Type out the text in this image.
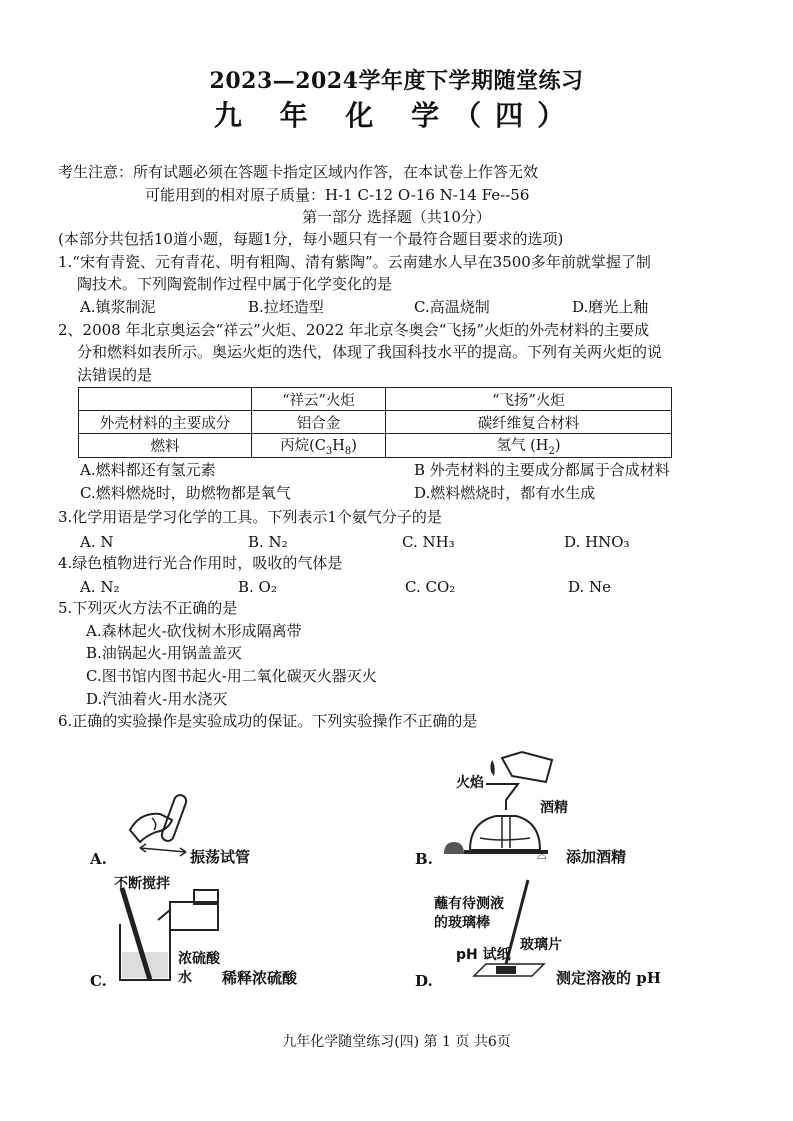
2023—2024学年度下学期随堂练习
九 年 化 学（四）
考生注意：所有试题必须在答题卡指定区域内作答，在本试卷上作答无效
可能用到的相对原子质量：H-1 C-12 O-16 N-14 Fe--56
第一部分 选择题（共10分）
(本部分共包括10道小题，每题1分，每小题只有一个最符合题目要求的选项)
1.“宋有青瓷、元有青花、明有粗陶、清有紫陶”。云南建水人早在3500多年前就掌握了制
陶技术。下列陶瓷制作过程中属于化学变化的是
A.镇浆制泥	B.拉坯造型	C.高温烧制	D.磨光上釉
2、2008 年北京奥运会“祥云”火炬、2022 年北京冬奥会“飞扬”火炬的外壳材料的主要成
分和燃料如表所示。奥运火炬的迭代，体现了我国科技水平的提高。下列有关两火炬的说
法错误的是
	“祥云”火炬	“飞扬”火炬
外壳材料的主要成分	铝合金	碳纤维复合材料
燃料	丙烷$(C_3H_8)$	氢气 $(H_2)$
A.燃料都还有氢元素	B 外壳材料的主要成分都属于合成材料
C.燃料燃烧时，助燃物都是氧气	D.燃料燃烧时，都有水生成
3.化学用语是学习化学的工具。下列表示1个氨气分子的是
A. N	B. N₂	C. NH₃	D. HNO₃
4.绿色植物进行光合作用时，吸收的气体是
A. N₂	B. O₂	C. CO₂	D. Ne
5.下列灭火方法不正确的是
A.森林起火-砍伐树木形成隔离带
B.油锅起火-用锅盖盖灭
C.图书馆内图书起火-用二氧化碳灭火器灭火
D.汽油着火-用水浇灭
6.正确的实验操作是实验成功的保证。下列实验操作不正确的是
A.	振荡试管
火焰
酒精
⌓
B.	添加酒精
不断搅拌
浓硫酸
水
C.	稀释浓硫酸
蘸有待测液
的玻璃棒
pH 试纸
玻璃片
D.	测定溶液的 pH
九年化学随堂练习(四) 第 1 页 共6页
